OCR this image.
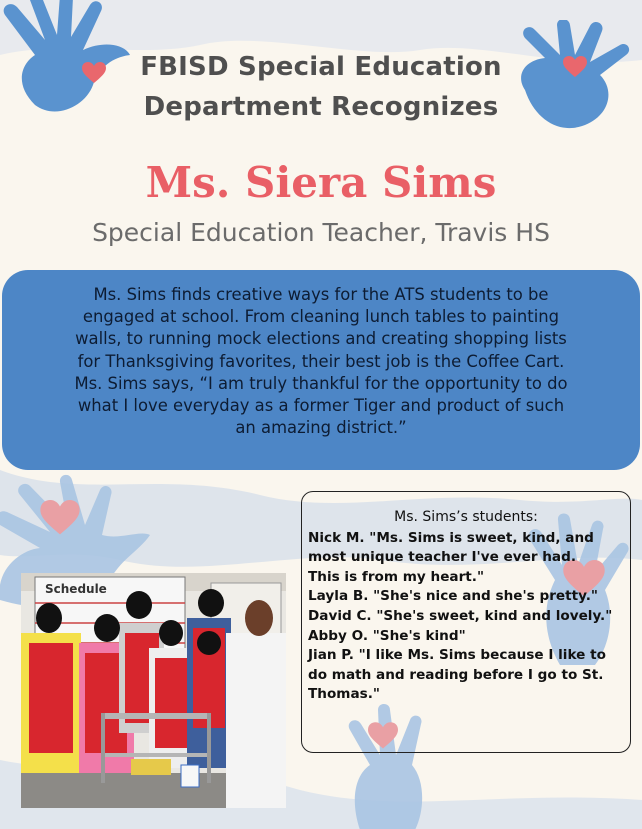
FBISD Special Education
Department Recognizes
Ms. Siera Sims
Special Education Teacher, Travis HS
Ms. Sims finds creative ways for the ATS students to be
engaged at school. From cleaning lunch tables to painting
walls, to running mock elections and creating shopping lists
for Thanksgiving favorites, their best job is the Coffee Cart.
Ms. Sims says, “I am truly thankful for the opportunity to do
what I love everyday as a former Tiger and product of such
an amazing district.”
Ms. Sims’s students:
Nick M. "Ms. Sims is sweet, kind, and
most unique teacher I've ever had.
This is from my heart."
Layla B. "She's nice and she's pretty."
David C. "She's sweet, kind and lovely."
Abby O. "She's kind"
Jian P. "I like Ms. Sims because I like to
do math and reading before I go to St.
Thomas."
Schedule
